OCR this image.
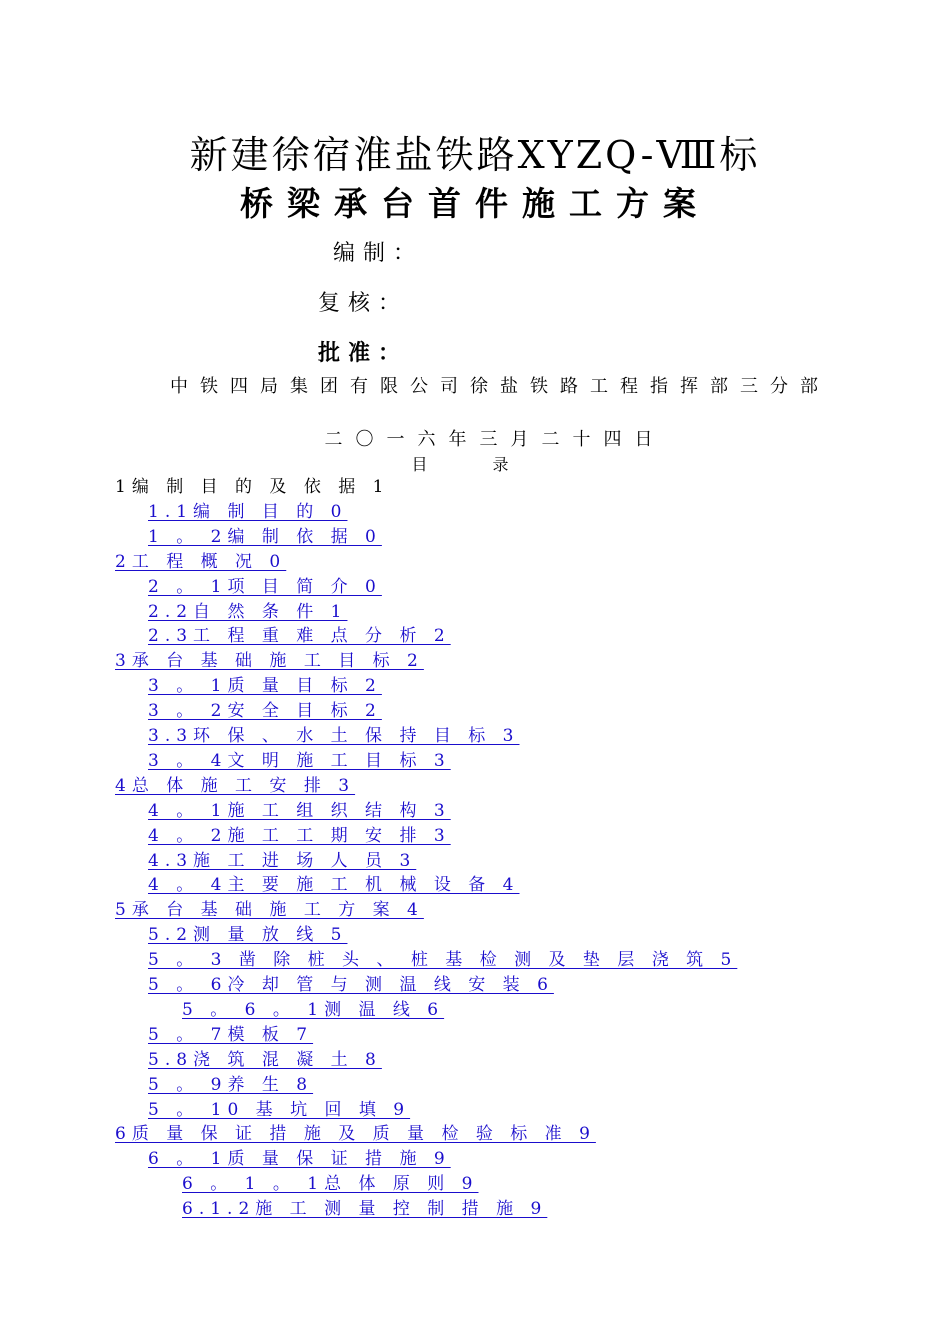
新建徐宿淮盐铁路XYZQ-Ⅷ标
桥梁承台首件施工方案
编制：
复核：
批准：
中铁四局集团有限公司徐盐铁路工程指挥部三分部
二〇一六年三月二十四日
目 录
1编 制 目 的 及 依 据 1
1.1编 制 目 的 0
1 。 2编 制 依 据 0
2工 程 概 况 0
2 。 1项 目 简 介 0
2.2自 然 条 件 1
2.3工 程 重 难 点 分 析 2
3承 台 基 础 施 工 目 标 2
3 。 1质 量 目 标 2
3 。 2安 全 目 标 2
3.3环 保 、 水 土 保 持 目 标 3
3 。 4文 明 施 工 目 标 3
4总 体 施 工 安 排 3
4 。 1施 工 组 织 结 构 3
4 。 2施 工 工 期 安 排 3
4.3施 工 进 场 人 员 3
4 。 4主 要 施 工 机 械 设 备 4
5承 台 基 础 施 工 方 案 4
5.2测 量 放 线 5
5 。 3 凿 除 桩 头 、 桩 基 检 测 及 垫 层 浇 筑 5
5 。 6冷 却 管 与 测 温 线 安 装 6
5 。 6 。 1测 温 线 6
5 。 7模 板 7
5.8浇 筑 混 凝 土 8
5 。 9养 生 8
5 。 10 基 坑 回 填 9
6质 量 保 证 措 施 及 质 量 检 验 标 准 9
6 。 1质 量 保 证 措 施 9
6 。 1 。 1总 体 原 则 9
6.1.2施 工 测 量 控 制 措 施 9
